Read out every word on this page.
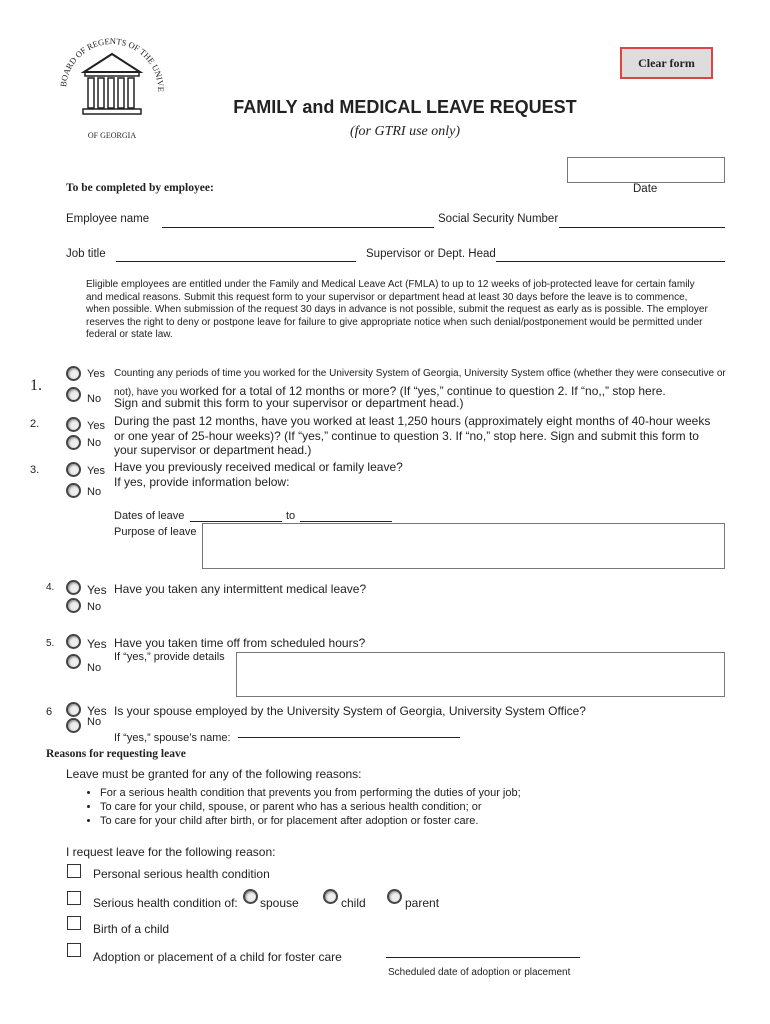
BOARD OF REGENTS OF THE UNIVE
OF GEORGIA
Clear form
FAMILY and MEDICAL LEAVE REQUEST
(for GTRI use only)
Date
To be completed by employee:
Employee name	Social Security Number
Job title	Supervisor or Dept. Head
Eligible employees are entitled under the Family and Medical Leave Act (FMLA) to up to 12 weeks of job-protected leave for certain family and medical reasons. Submit this request form to your supervisor or department head at least 30 days before the leave is to commence, when possible. When submission of the request 30 days in advance is not possible, submit the request as early as is possible. The employer reserves the right to deny or postpone leave for failure to give appropriate notice when such denial/postponement would be permitted under federal or state law.
1.
Yes
No
Counting any periods of time you worked for the University System of Georgia, University System office (whether they were consecutive or
not), have you worked for a total of 12 months or more? (If “yes,” continue to question 2. If “no,,” stop here.
Sign and submit this form to your supervisor or department head.)
2.	Yes
No
During the past 12 months, have you worked at least 1,250 hours (approximately eight months of 40-hour weeks or one year of 25-hour weeks)? (If “yes,” continue to question 3. If “no,” stop here. Sign and submit this form to your supervisor or department head.)
3.	Yes
No
Have you previously received medical or family leave?
If yes, provide information below:
Dates of leave	to
Purpose of leave
4.	Yes
No
Have you taken any intermittent medical leave?
5.	Yes
No
Have you taken time off from scheduled hours?
If “yes,” provide details
6	Yes
No
Is your spouse employed by the University System of Georgia, University System Office?
If “yes,” spouse’s name:
Reasons for requesting leave
Leave must be granted for any of the following reasons:
• For a serious health condition that prevents you from performing the duties of your job;
• To care for your child, spouse, or parent who has a serious health condition; or
• To care for your child after birth, or for placement after adoption or foster care.
I request leave for the following reason:
Personal serious health condition
Serious health condition of: spouse	child	parent
Birth of a child
Adoption or placement of a child for foster care
Scheduled date of adoption or placement
